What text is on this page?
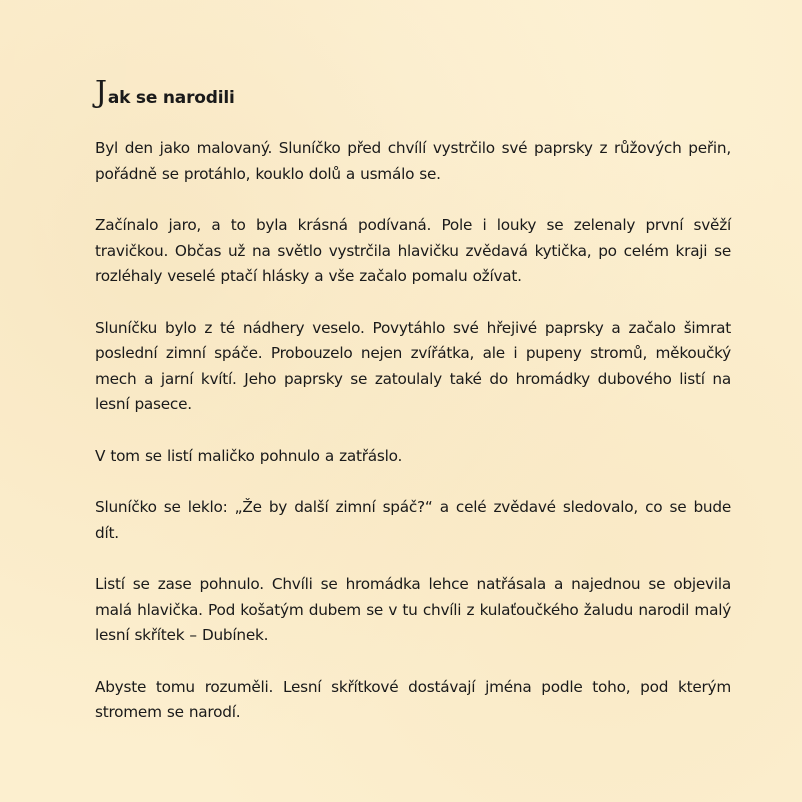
J ak se narodili

Byl den jako malovaný. Sluníčko před chvílí vystrčilo své paprsky z růžových peřin, pořádně se protáhlo, kouklo dolů a usmálo se.

Začínalo jaro, a to byla krásná podívaná. Pole i louky se zelenaly první svěží travičkou. Občas už na světlo vystrčila hlavičku zvědavá kytička, po celém kraji se rozléhaly veselé ptačí hlásky a vše začalo pomalu ožívat.

Sluníčku bylo z té nádhery veselo. Povytáhlo své hřejivé paprsky a začalo šimrat poslední zimní spáče. Probouzelo nejen zvířátka, ale i pupeny stromů, měkoučký mech a jarní kvítí. Jeho paprsky se zatoulaly také do hromádky dubového listí na lesní pasece.

V tom se listí maličko pohnulo a zatřáslo.

Sluníčko se leklo: „Že by další zimní spáč?“ a celé zvědavé sledovalo, co se bude dít.

Listí se zase pohnulo. Chvíli se hromádka lehce natřásala a najednou se objevila malá hlavička. Pod košatým dubem se v tu chvíli z kulaťoučkého žaludu narodil malý lesní skřítek – Dubínek.

Abyste tomu rozuměli. Lesní skřítkové dostávají jména podle toho, pod kterým stromem se narodí.
